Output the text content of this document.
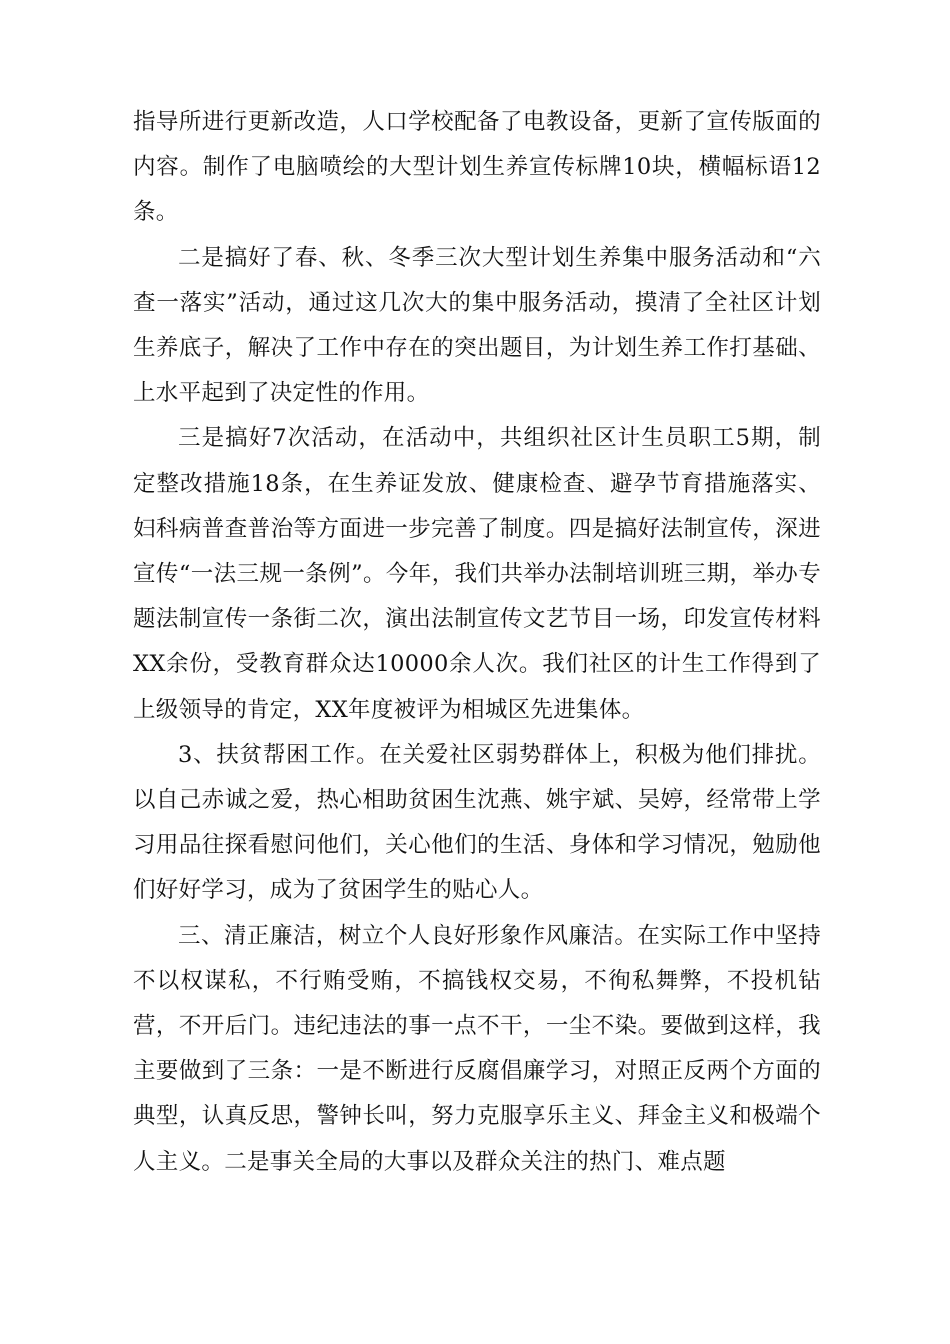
指导所进行更新改造，人口学校配备了电教设备，更新了宣传版面的内容。制作了电脑喷绘的大型计划生养宣传标牌10块，横幅标语12条。

二是搞好了春、秋、冬季三次大型计划生养集中服务活动和“六查一落实”活动，通过这几次大的集中服务活动，摸清了全社区计划生养底子，解决了工作中存在的突出题目，为计划生养工作打基础、上水平起到了决定性的作用。

三是搞好7次活动，在活动中，共组织社区计生员职工5期，制定整改措施18条，在生养证发放、健康检查、避孕节育措施落实、妇科病普查普治等方面进一步完善了制度。四是搞好法制宣传，深进宣传“一法三规一条例”。今年，我们共举办法制培训班三期，举办专题法制宣传一条街二次，演出法制宣传文艺节目一场，印发宣传材料XX余份，受教育群众达10000余人次。我们社区的计生工作得到了上级领导的肯定，XX年度被评为相城区先进集体。

3、扶贫帮困工作。在关爱社区弱势群体上，积极为他们排扰。以自己赤诚之爱，热心相助贫困生沈燕、姚宇斌、吴婷，经常带上学习用品往探看慰问他们，关心他们的生活、身体和学习情况，勉励他们好好学习，成为了贫困学生的贴心人。

三、清正廉洁，树立个人良好形象作风廉洁。在实际工作中坚持不以权谋私，不行贿受贿，不搞钱权交易，不徇私舞弊，不投机钻营，不开后门。违纪违法的事一点不干，一尘不染。要做到这样，我主要做到了三条：一是不断进行反腐倡廉学习，对照正反两个方面的典型，认真反思，警钟长叫，努力克服享乐主义、拜金主义和极端个人主义。二是事关全局的大事以及群众关注的热门、难点题
